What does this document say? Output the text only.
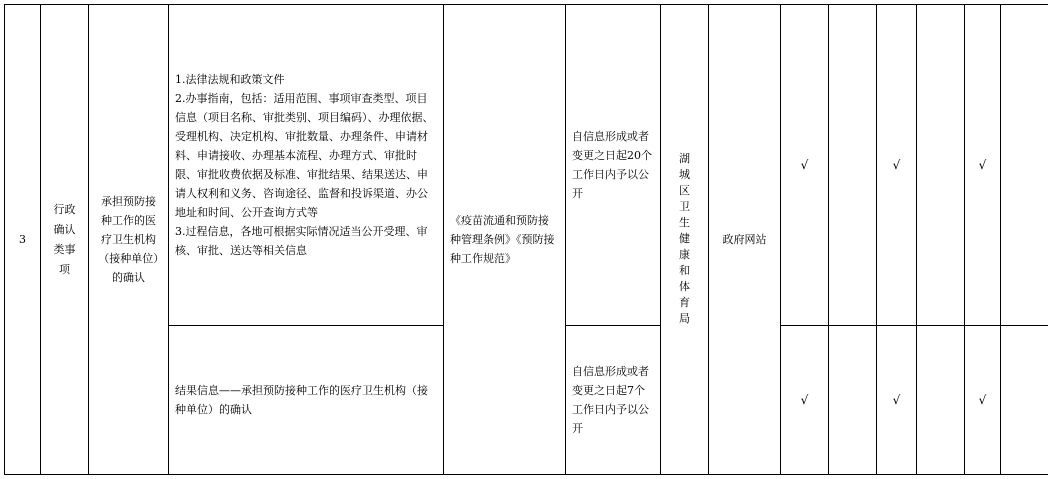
3	行政确认类事项	承担预防接种工作的医疗卫生机构（接种单位）的确认	1.法律法规和政策文件

2.办事指南，包括：适用范围、事项审查类型、项目信息（项目名称、审批类别、项目编码）、办理依据、受理机构、决定机构、审批数量、办理条件、申请材料、申请接收、办理基本流程、办理方式、审批时限、审批收费依据及标准、审批结果、结果送达、申请人权利和义务、咨询途径、监督和投诉渠道、办公地址和时间、公开查询方式等

3.过程信息，各地可根据实际情况适当公开受理、审核、审批、送达等相关信息	《疫苗流通和预防接种管理条例》《预防接种工作规范》	自信息形成或者变更之日起20个工作日内予以公开	湖城区卫生健康和体育局	政府网站	√		√		√	
			结果信息——承担预防接种工作的医疗卫生机构（接种单位）的确认		自信息形成或者变更之日起7个工作日内予以公开			√		√		√	
